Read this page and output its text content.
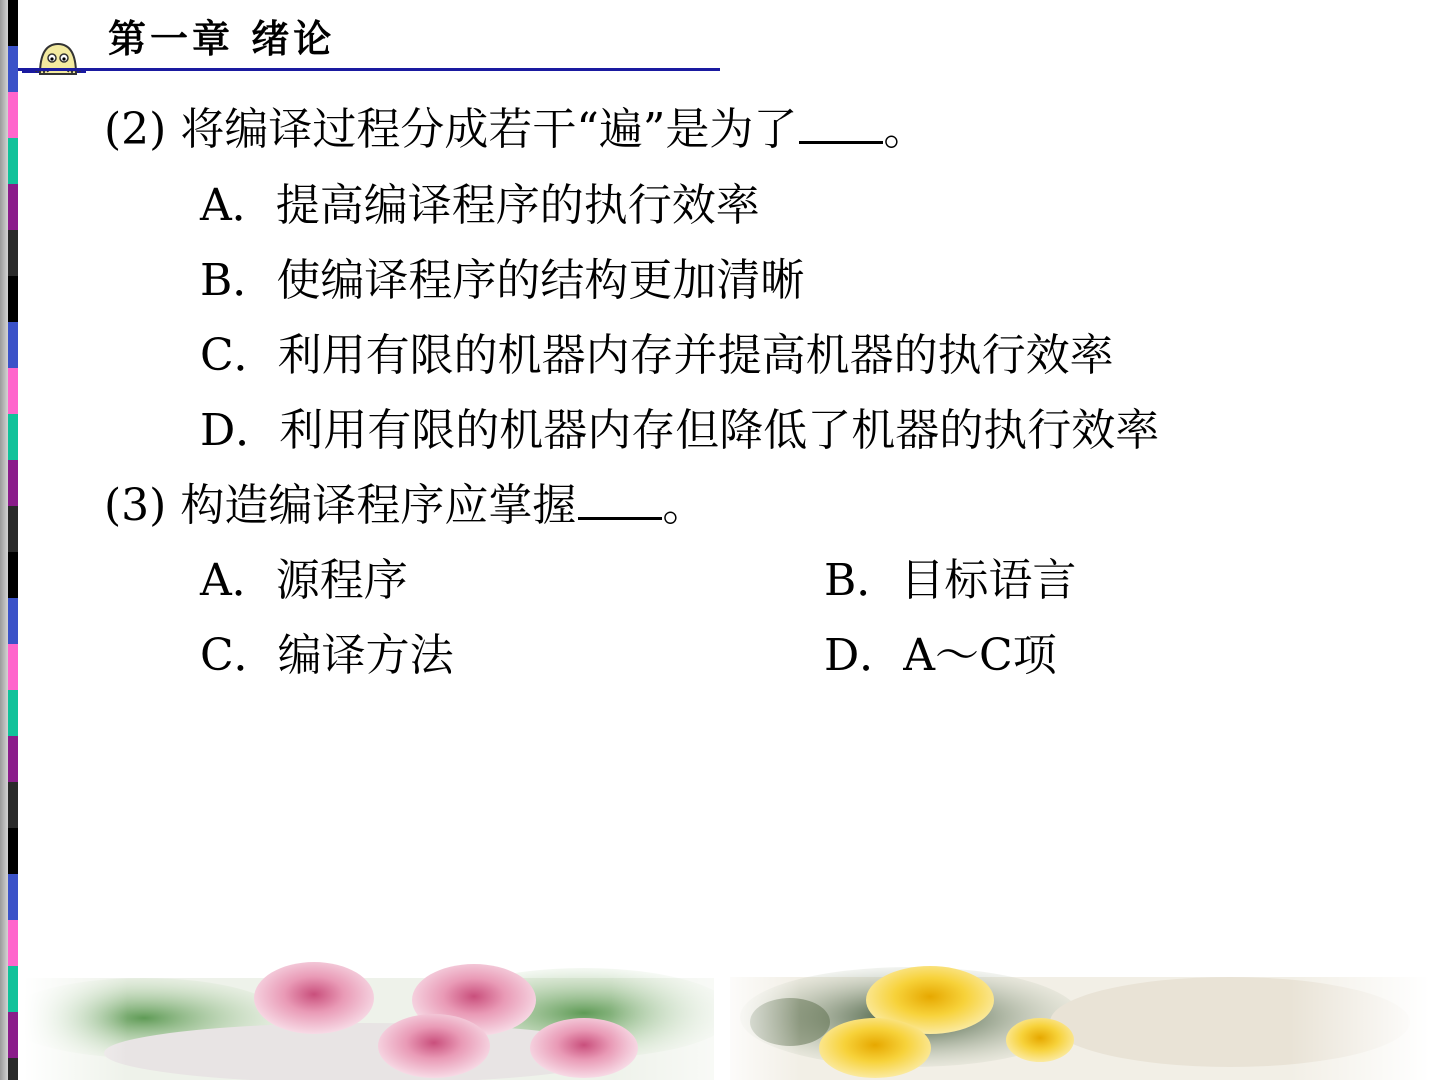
第一章 绪论
(2) 将编译过程分成若干“遍”是为了 。
A．提高编译程序的执行效率
B．使编译程序的结构更加清晰
C．利用有限的机器内存并提高机器的执行效率
D．利用有限的机器内存但降低了机器的执行效率
(3) 构造编译程序应掌握 。
A．源程序	B．目标语言
C．编译方法	D．A～C项
